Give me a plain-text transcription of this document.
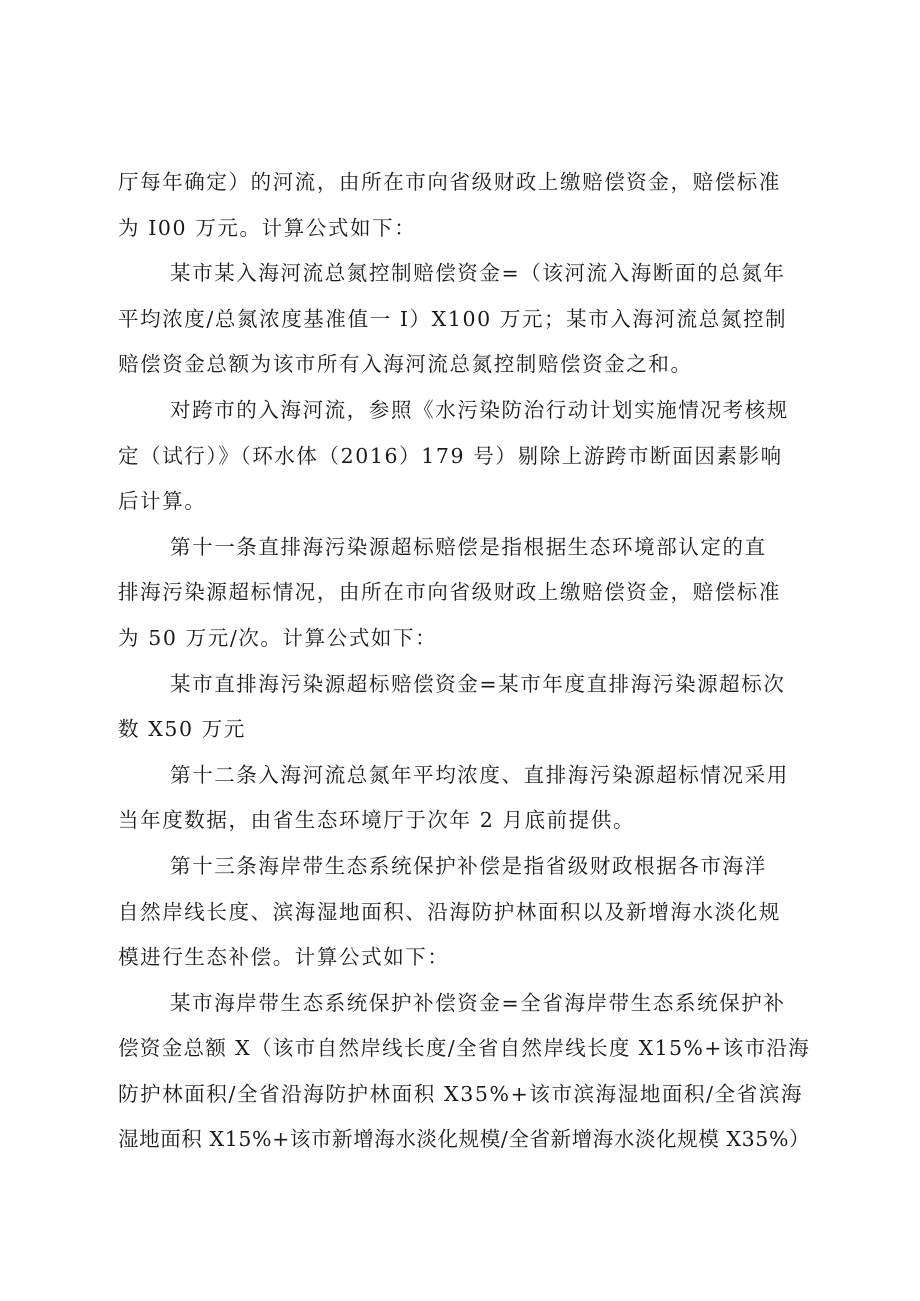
厅每年确定）的河流，由所在市向省级财政上缴赔偿资金，赔偿标准
为 I00 万元。计算公式如下：
某市某入海河流总氮控制赔偿资金=（该河流入海断面的总氮年
平均浓度/总氮浓度基准值一 I）X100 万元；某市入海河流总氮控制
赔偿资金总额为该市所有入海河流总氮控制赔偿资金之和。
对跨市的入海河流，参照《水污染防治行动计划实施情况考核规
定（试行）》（环水体（2016）179 号）剔除上游跨市断面因素影响
后计算。
第十一条直排海污染源超标赔偿是指根据生态环境部认定的直
排海污染源超标情况，由所在市向省级财政上缴赔偿资金，赔偿标准
为 50 万元/次。计算公式如下：
某市直排海污染源超标赔偿资金=某市年度直排海污染源超标次
数 X50 万元
第十二条入海河流总氮年平均浓度、直排海污染源超标情况采用
当年度数据，由省生态环境厅于次年 2 月底前提供。
第十三条海岸带生态系统保护补偿是指省级财政根据各市海洋
自然岸线长度、滨海湿地面积、沿海防护林面积以及新增海水淡化规
模进行生态补偿。计算公式如下：
某市海岸带生态系统保护补偿资金=全省海岸带生态系统保护补
偿资金总额 X（该市自然岸线长度/全省自然岸线长度 X15%+该市沿海
防护林面积/全省沿海防护林面积 X35%+该市滨海湿地面积/全省滨海
湿地面积 X15%+该市新增海水淡化规模/全省新增海水淡化规模 X35%）
